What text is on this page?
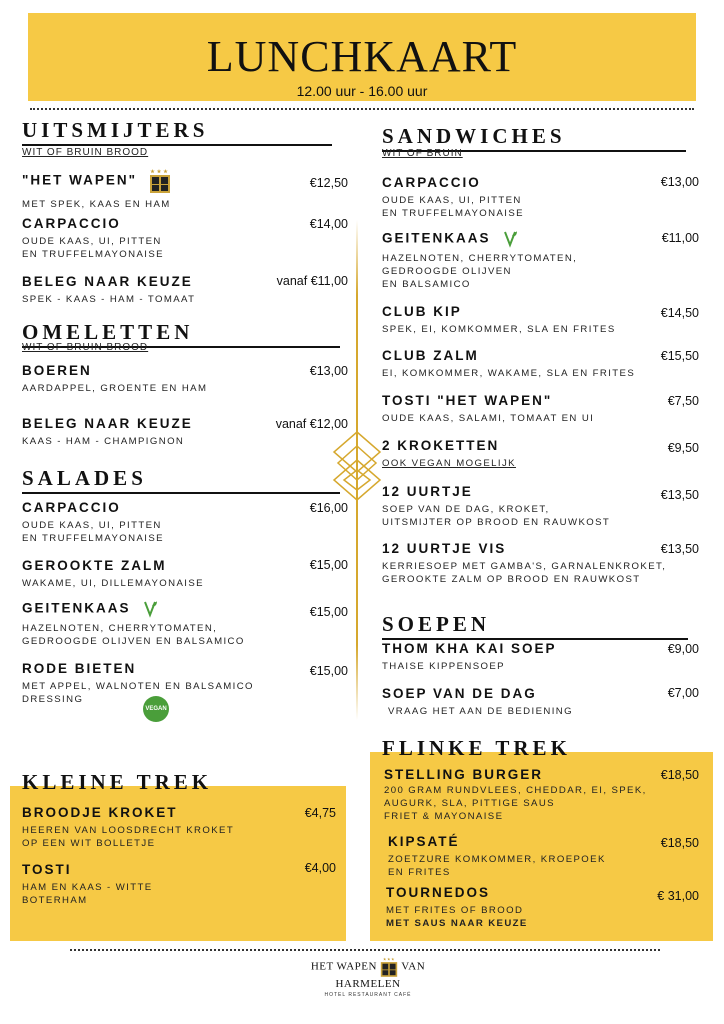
LUNCHKAART
12.00 uur - 16.00 uur
UITSMIJTERS
WIT OF BRUIN BROOD
"HET WAPEN"
★★★
MET SPEK, KAAS EN HAM
€12,50
CARPACCIO
OUDE KAAS, UI, PITTEN
EN TRUFFELMAYONAISE
€14,00
BELEG NAAR KEUZE
SPEK - KAAS - HAM - TOMAAT
vanaf €11,00
OMELETTEN
WIT OF BRUIN BROOD
BOEREN
AARDAPPEL, GROENTE EN HAM
€13,00
BELEG NAAR KEUZE
KAAS - HAM - CHAMPIGNON
vanaf €12,00
SALADES
CARPACCIO
OUDE KAAS, UI, PITTEN
EN TRUFFELMAYONAISE
€16,00
GEROOKTE ZALM
WAKAME, UI, DILLEMAYONAISE
€15,00
GEITENKAAS
HAZELNOTEN, CHERRYTOMATEN,
GEDROOGDE OLIJVEN EN BALSAMICO
€15,00
RODE BIETEN
MET APPEL, WALNOTEN EN BALSAMICO
DRESSING
€15,00
VEGAN
SANDWICHES
WIT OF BRUIN
CARPACCIO
OUDE KAAS, UI, PITTEN
EN TRUFFELMAYONAISE
€13,00
GEITENKAAS
HAZELNOTEN, CHERRYTOMATEN,
GEDROOGDE OLIJVEN
EN BALSAMICO
€11,00
CLUB KIP
SPEK, EI, KOMKOMMER, SLA EN FRITES
€14,50
CLUB ZALM
EI, KOMKOMMER, WAKAME, SLA EN FRITES
€15,50
TOSTI "HET WAPEN"
OUDE KAAS, SALAMI, TOMAAT EN UI
€7,50
2 KROKETTEN
OOK VEGAN MOGELIJK
€9,50
12 UURTJE
SOEP VAN DE DAG, KROKET,
UITSMIJTER OP BROOD EN RAUWKOST
€13,50
12 UURTJE VIS
KERRIESOEP MET GAMBA'S, GARNALENKROKET,
GEROOKTE ZALM OP BROOD EN RAUWKOST
€13,50
SOEPEN
THOM KHA KAI SOEP
THAISE KIPPENSOEP
€9,00
SOEP VAN DE DAG
VRAAG HET AAN DE BEDIENING
€7,00
KLEINE TREK
BROODJE KROKET
HEEREN VAN LOOSDRECHT KROKET
OP EEN WIT BOLLETJE
€4,75
TOSTI
HAM EN KAAS - WITTE
BOTERHAM
€4,00
FLINKE TREK
STELLING BURGER
200 GRAM RUNDVLEES, CHEDDAR, EI, SPEK,
AUGURK, SLA, PITTIGE SAUS
FRIET & MAYONAISE
€18,50
KIPSATÉ
ZOETZURE KOMKOMMER, KROEPOEK
EN FRITES
€18,50
TOURNEDOS
MET FRITES OF BROOD
MET SAUS NAAR KEUZE
€ 31,00
HET WAPEN
★★★
VAN HARMELEN
HOTEL RESTAURANT CAFÉ
